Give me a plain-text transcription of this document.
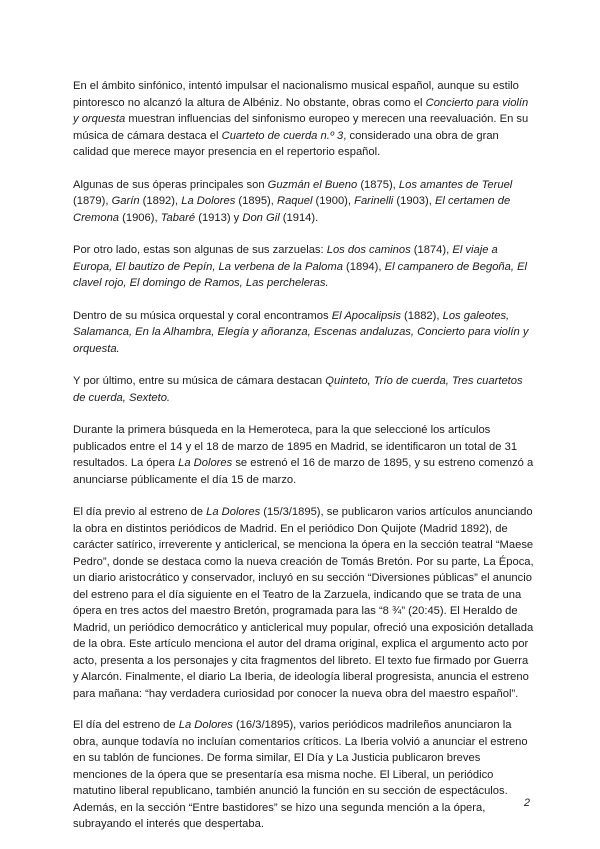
En el ámbito sinfónico, intentó impulsar el nacionalismo musical español, aunque su estilo pintoresco no alcanzó la altura de Albéniz. No obstante, obras como el Concierto para violín y orquesta muestran influencias del sinfonismo europeo y merecen una reevaluación. En su música de cámara destaca el Cuarteto de cuerda n.º 3, considerado una obra de gran calidad que merece mayor presencia en el repertorio español.

Algunas de sus óperas principales son Guzmán el Bueno (1875), Los amantes de Teruel (1879), Garín (1892), La Dolores (1895), Raquel (1900), Farinelli (1903), El certamen de Cremona (1906), Tabaré (1913) y Don Gil (1914).

Por otro lado, estas son algunas de sus zarzuelas: Los dos caminos (1874), El viaje a Europa, El bautizo de Pepín, La verbena de la Paloma (1894), El campanero de Begoña, El clavel rojo, El domingo de Ramos, Las percheleras.

Dentro de su música orquestal y coral encontramos El Apocalipsis (1882), Los galeotes, Salamanca, En la Alhambra, Elegía y añoranza, Escenas andaluzas, Concierto para violín y orquesta.

Y por último, entre su música de cámara destacan Quinteto, Trío de cuerda, Tres cuartetos de cuerda, Sexteto.

Durante la primera búsqueda en la Hemeroteca, para la que seleccioné los artículos publicados entre el 14 y el 18 de marzo de 1895 en Madrid, se identificaron un total de 31 resultados. La ópera La Dolores se estrenó el 16 de marzo de 1895, y su estreno comenzó a anunciarse públicamente el día 15 de marzo.

El día previo al estreno de La Dolores (15/3/1895), se publicaron varios artículos anunciando la obra en distintos periódicos de Madrid. En el periódico Don Quijote (Madrid 1892), de carácter satírico, irreverente y anticlerical, se menciona la ópera en la sección teatral “Maese Pedro”, donde se destaca como la nueva creación de Tomás Bretón. Por su parte, La Época, un diario aristocrático y conservador, incluyó en su sección “Diversiones públicas” el anuncio del estreno para el día siguiente en el Teatro de la Zarzuela, indicando que se trata de una ópera en tres actos del maestro Bretón, programada para las “8 ¾” (20:45). El Heraldo de Madrid, un periódico democrático y anticlerical muy popular, ofreció una exposición detallada de la obra. Este artículo menciona el autor del drama original, explica el argumento acto por acto, presenta a los personajes y cita fragmentos del libreto. El texto fue firmado por Guerra y Alarcón. Finalmente, el diario La Iberia, de ideología liberal progresista, anuncia el estreno para mañana: “hay verdadera curiosidad por conocer la nueva obra del maestro español”.

El día del estreno de La Dolores (16/3/1895), varios periódicos madrileños anunciaron la obra, aunque todavía no incluían comentarios críticos. La Iberia volvió a anunciar el estreno en su tablón de funciones. De forma similar, El Día y La Justicia publicaron breves menciones de la ópera que se presentaría esa misma noche. El Liberal, un periódico matutino liberal republicano, también anunció la función en su sección de espectáculos. Además, en la sección “Entre bastidores” se hizo una segunda mención a la ópera, subrayando el interés que despertaba.

2
